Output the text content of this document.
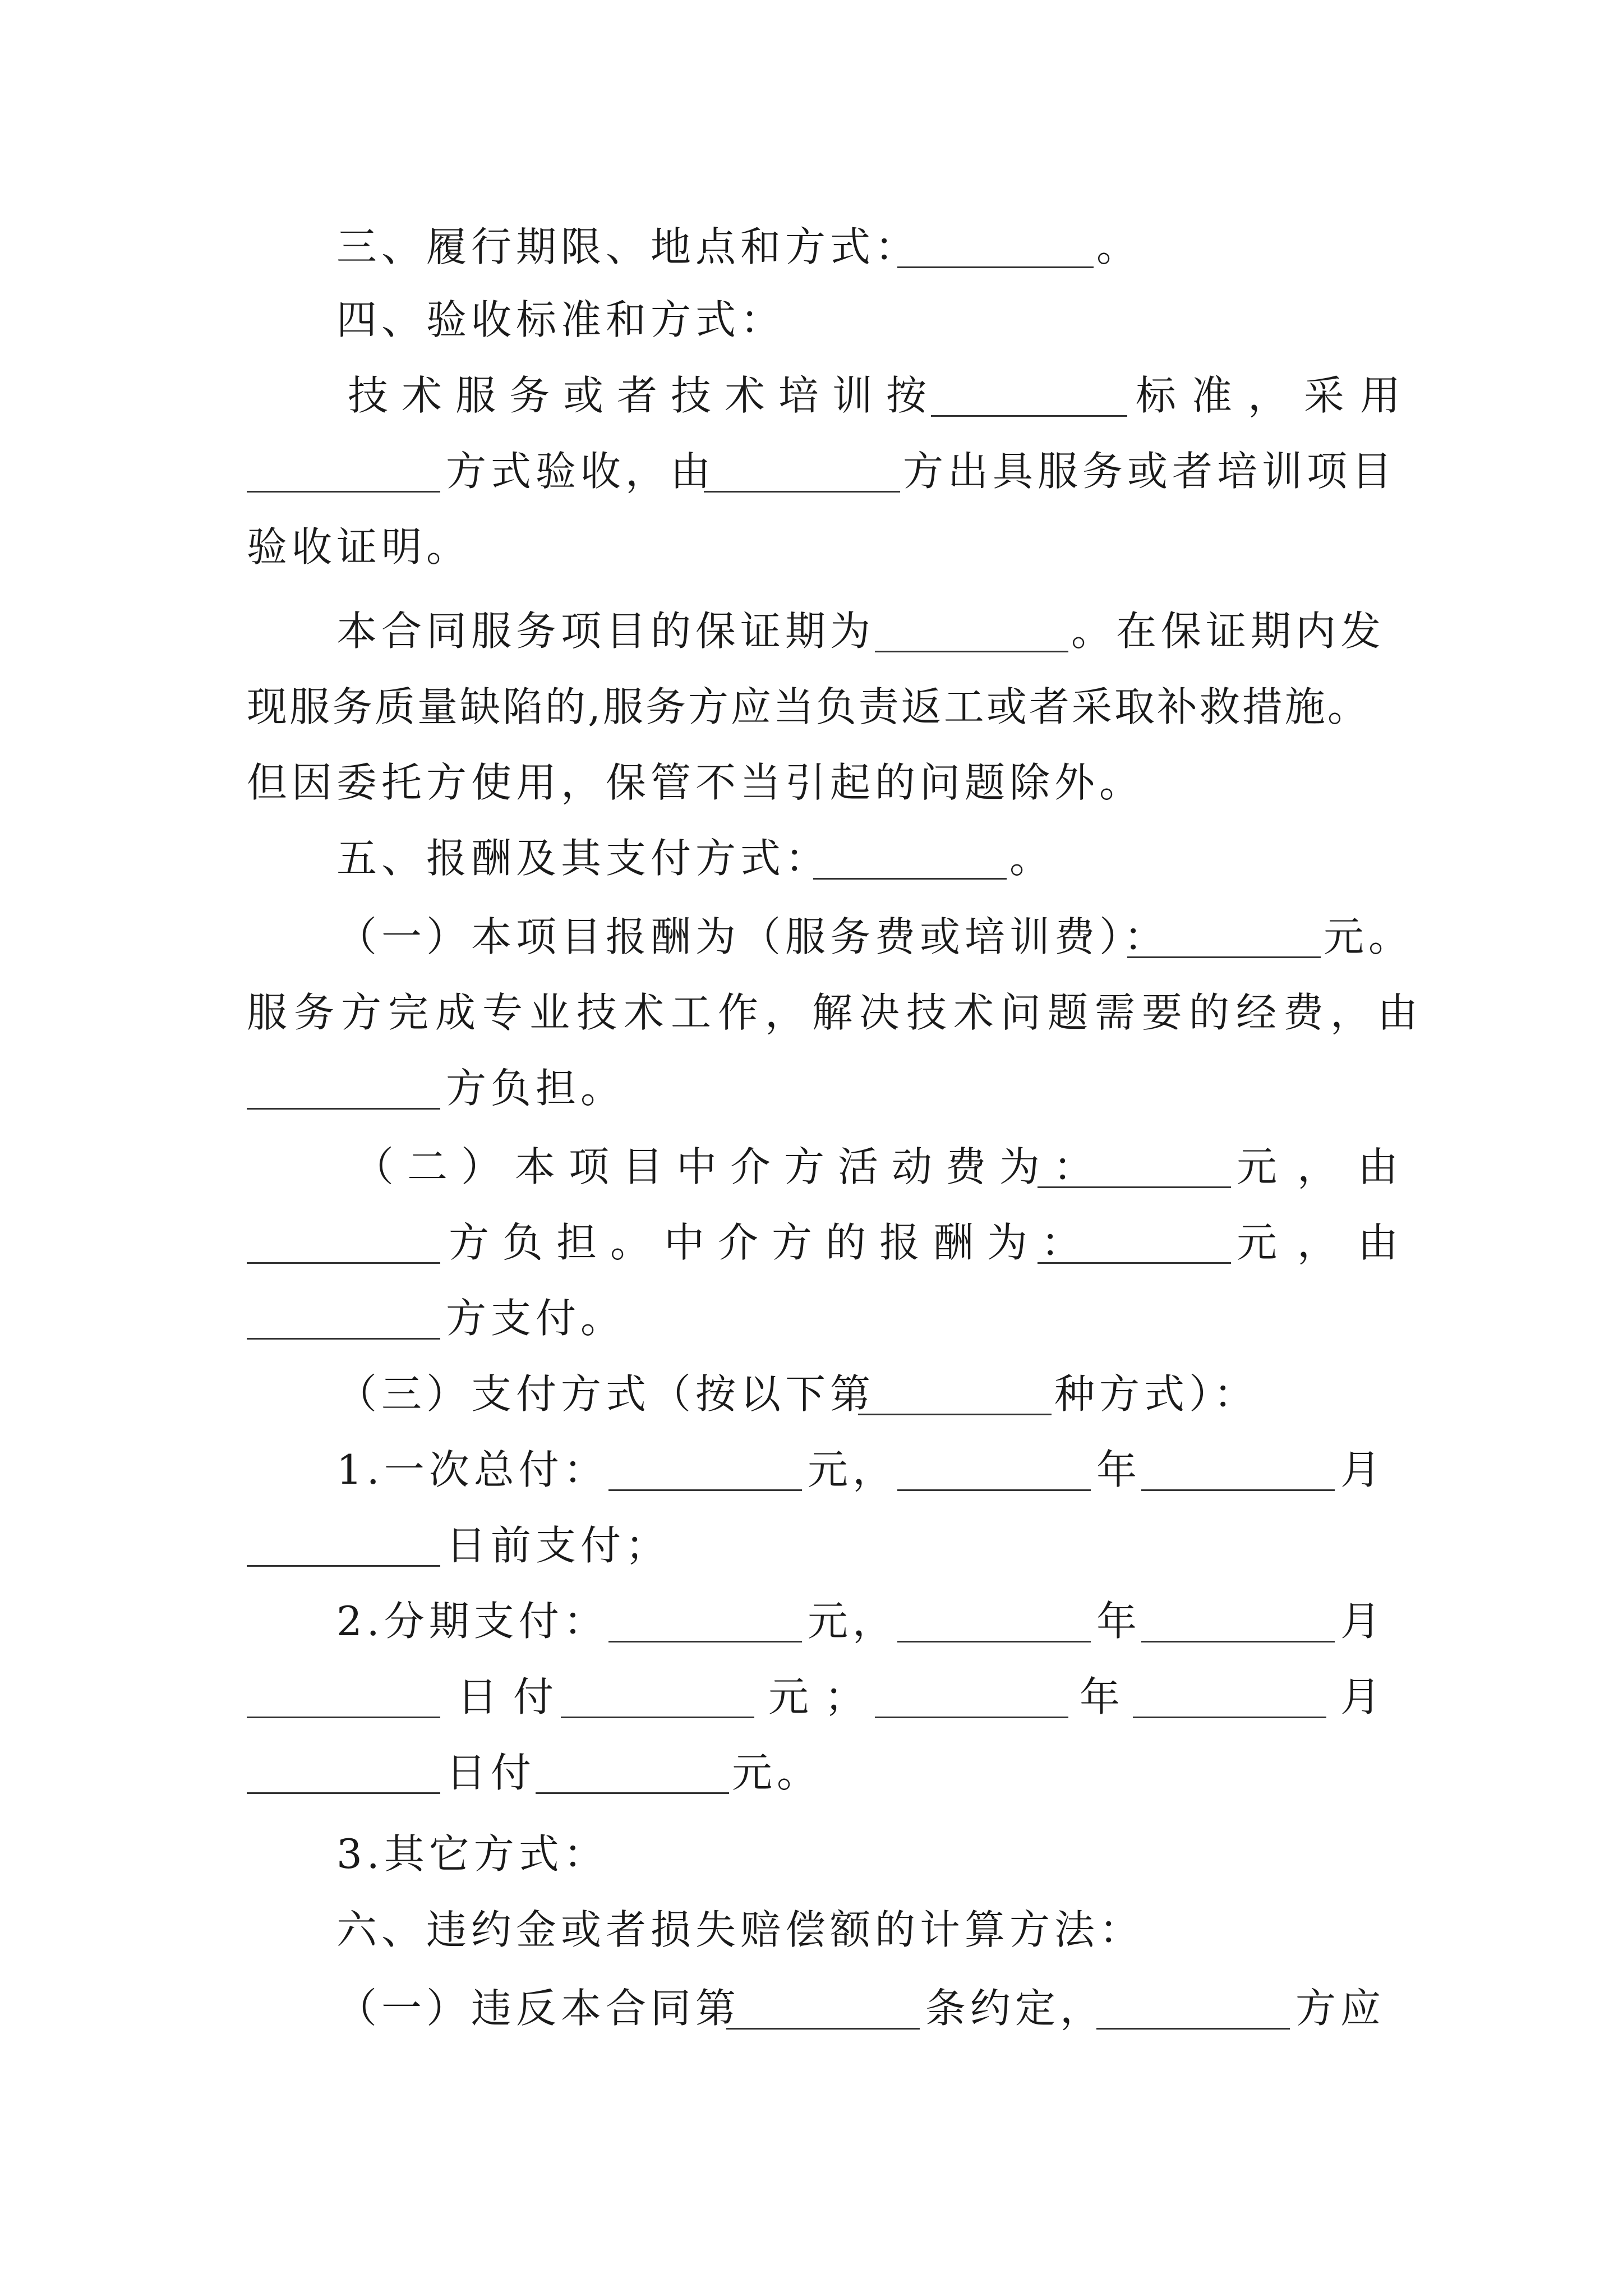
三、履行期限、地点和方式：	。
四、验收标准和方式：
技术服务或者技术培训按	标准，采用
方式验收，由	方出具服务或者培训项目
验收证明。
本合同服务项目的保证期为	。在保证期内发
现服务质量缺陷的,服务方应当负责返工或者采取补救措施。
但因委托方使用，保管不当引起的问题除外。
五、报酬及其支付方式：	。
（一）本项目报酬为（服务费或培训费）：	元。
服务方完成专业技术工作，解决技术问题需要的经费，由
方负担。
（二）本项目中介方活动费为：	元，由
方负担。中介方的报酬为：	元，由
方支付。
（三）支付方式（按以下第	种方式）：
1.一次总付：	元，	年	月
日前支付；
2.分期支付：	元，	年	月
日付	元；	年	月
日付	元。
3.其它方式：
六、违约金或者损失赔偿额的计算方法：
（一）违反本合同第	条约定，	方应
